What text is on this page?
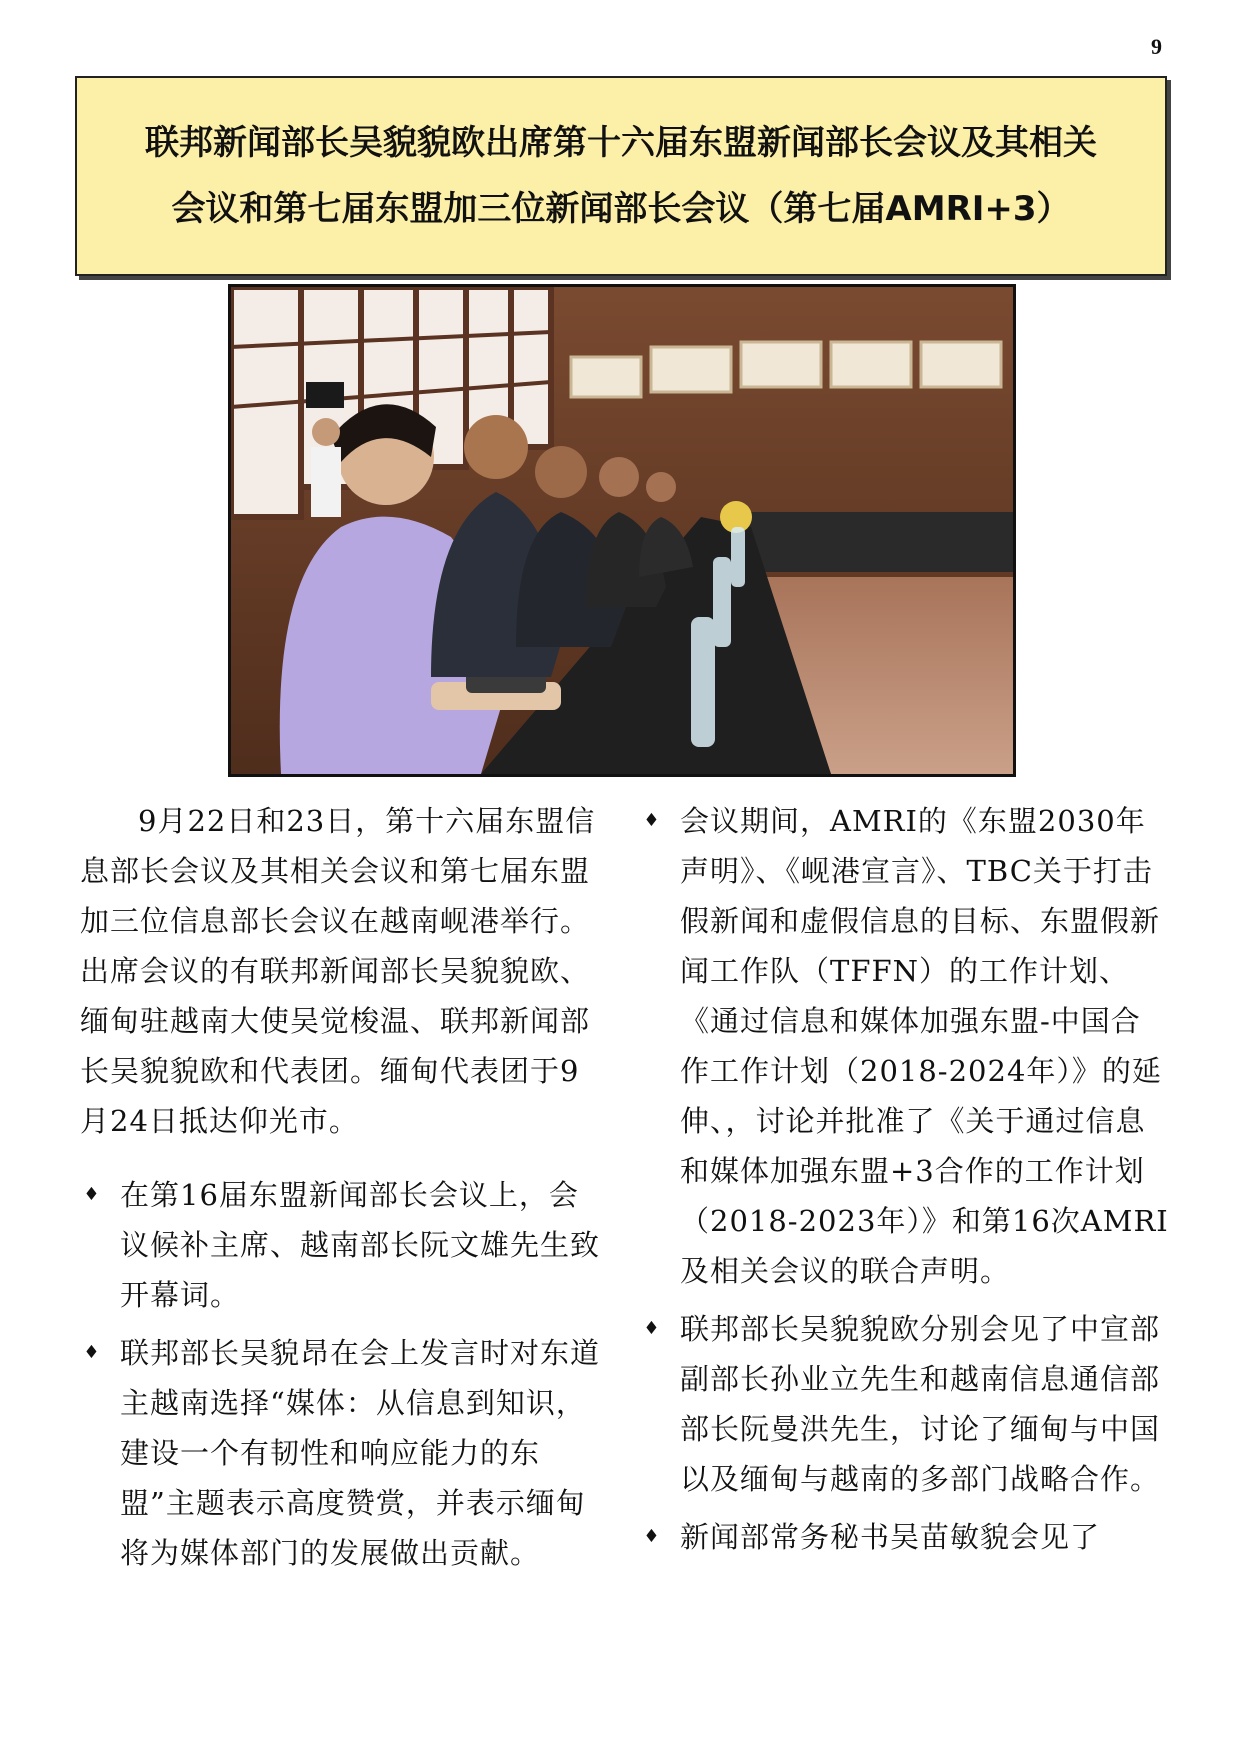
9
联邦新闻部长吴貌貌欧出席第十六届东盟新闻部长会议及其相关
会议和第七届东盟加三位新闻部长会议（第七届AMRI+3）

9月22日和23日，第十六届东盟信息部长会议及其相关会议和第七届东盟加三位信息部长会议在越南岘港举行。出席会议的有联邦新闻部长吴貌貌欧、缅甸驻越南大使吴觉梭温、联邦新闻部长吴貌貌欧和代表团。缅甸代表团于9月24日抵达仰光市。

♦ 在第16届东盟新闻部长会议上，会议候补主席、越南部长阮文雄先生致开幕词。
♦ 联邦部长吴貌昂在会上发言时对东道主越南选择“媒体：从信息到知识，建设一个有韧性和响应能力的东盟”主题表示高度赞赏，并表示缅甸将为媒体部门的发展做出贡献。
♦ 会议期间，AMRI的《东盟2030年声明》、《岘港宣言》、TBC关于打击假新闻和虚假信息的目标、东盟假新闻工作队（TFFN）的工作计划、《通过信息和媒体加强东盟-中国合作工作计划（2018-2024年）》的延伸、，讨论并批准了《关于通过信息和媒体加强东盟+3合作的工作计划（2018-2023年）》和第16次AMRI及相关会议的联合声明。
♦ 联邦部长吴貌貌欧分别会见了中宣部副部长孙业立先生和越南信息通信部部长阮曼洪先生，讨论了缅甸与中国以及缅甸与越南的多部门战略合作。
♦ 新闻部常务秘书吴苗敏貌会见了
